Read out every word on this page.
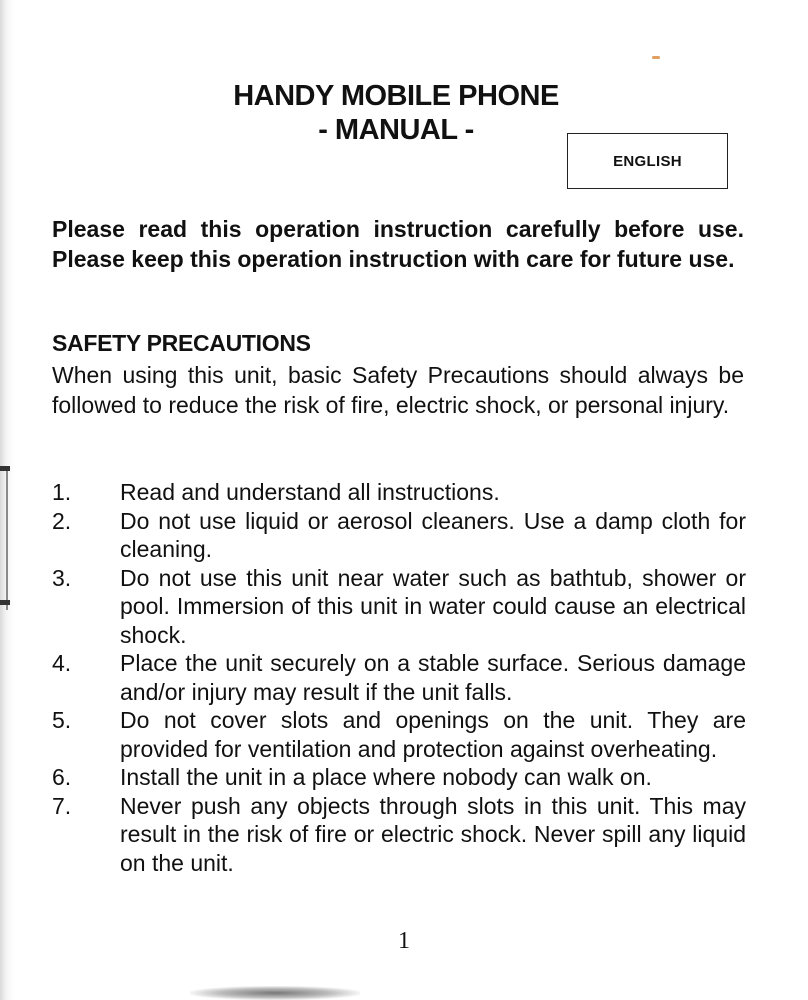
HANDY MOBILE PHONE
- MANUAL -
ENGLISH

Please read this operation instruction carefully before use. Please keep this operation instruction with care for future use.

SAFETY PRECAUTIONS

When using this unit, basic Safety Precautions should always be followed to reduce the risk of fire, electric shock, or personal injury.

1.	Read and understand all instructions.
2.	Do not use liquid or aerosol cleaners. Use a damp cloth for cleaning.
3.	Do not use this unit near water such as bathtub, shower or pool. Immersion of this unit in water could cause an electrical shock.
4.	Place the unit securely on a stable surface. Serious damage and/or injury may result if the unit falls.
5.	Do not cover slots and openings on the unit. They are provided for ventilation and protection against overheating.
6.	Install the unit in a place where nobody can walk on.
7.	Never push any objects through slots in this unit. This may result in the risk of fire or electric shock. Never spill any liquid on the unit.
1
